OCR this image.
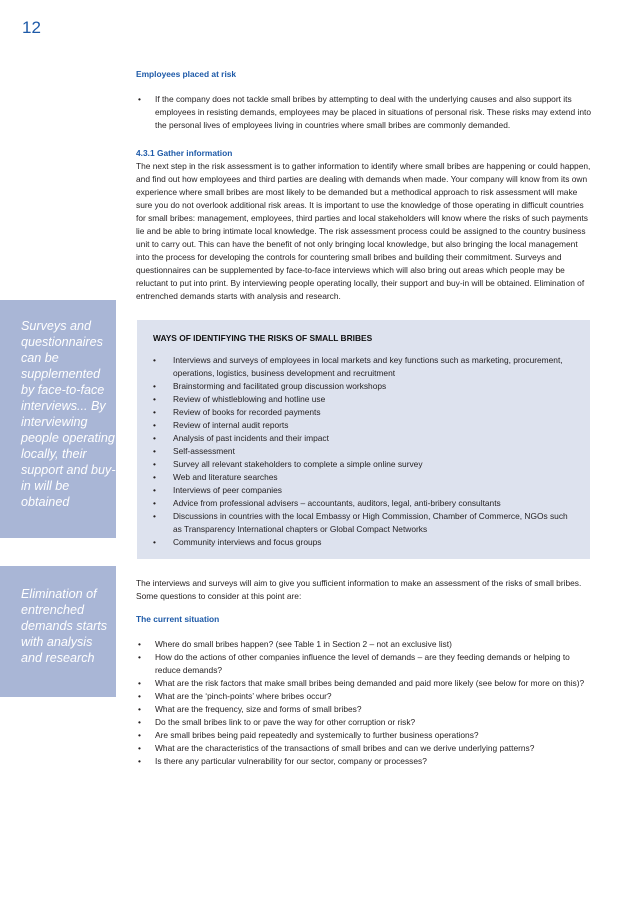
12
Surveys and questionnaires can be supplemented by face-to-face interviews... By interviewing people operating locally, their support and buy-in will be obtained
Elimination of entrenched demands starts with analysis and research
Employees placed at risk
• If the company does not tackle small bribes by attempting to deal with the underlying causes and also support its employees in resisting demands, employees may be placed in situations of personal risk. These risks may extend into the personal lives of employees living in countries where small bribes are commonly demanded.
4.3.1 Gather information

The next step in the risk assessment is to gather information to identify where small bribes are happening or could happen, and find out how employees and third parties are dealing with demands when made. Your company will know from its own experience where small bribes are most likely to be demanded but a methodical approach to risk assessment will make sure you do not overlook additional risk areas. It is important to use the knowledge of those operating in difficult countries for small bribes: management, employees, third parties and local stakeholders will know where the risks of such payments lie and be able to bring intimate local knowledge. The risk assessment process could be assigned to the country business unit to carry out. This can have the benefit of not only bringing local knowledge, but also bringing the local management into the process for developing the controls for countering small bribes and building their commitment. Surveys and questionnaires can be supplemented by face-to-face interviews which will also bring out areas which people may be reluctant to put into print. By interviewing people operating locally, their support and buy-in will be obtained. Elimination of entrenched demands starts with analysis and research.

WAYS OF IDENTIFYING THE RISKS OF SMALL BRIBES
• Interviews and surveys of employees in local markets and key functions such as marketing, procurement, operations, logistics, business development and recruitment
• Brainstorming and facilitated group discussion workshops
• Review of whistleblowing and hotline use
• Review of books for recorded payments
• Review of internal audit reports
• Analysis of past incidents and their impact
• Self-assessment
• Survey all relevant stakeholders to complete a simple online survey
• Web and literature searches
• Interviews of peer companies
• Advice from professional advisers – accountants, auditors, legal, anti-bribery consultants
• Discussions in countries with the local Embassy or High Commission, Chamber of Commerce, NGOs such as Transparency International chapters or Global Compact Networks
• Community interviews and focus groups

The interviews and surveys will aim to give you sufficient information to make an assessment of the risks of small bribes. Some questions to consider at this point are:

The current situation
• Where do small bribes happen? (see Table 1 in Section 2 – not an exclusive list)
• How do the actions of other companies influence the level of demands – are they feeding demands or helping to reduce demands?
• What are the risk factors that make small bribes being demanded and paid more likely (see below for more on this)?
• What are the ‘pinch-points’ where bribes occur?
• What are the frequency, size and forms of small bribes?
• Do the small bribes link to or pave the way for other corruption or risk?
• Are small bribes being paid repeatedly and systemically to further business operations?
• What are the characteristics of the transactions of small bribes and can we derive underlying patterns?
• Is there any particular vulnerability for our sector, company or processes?
